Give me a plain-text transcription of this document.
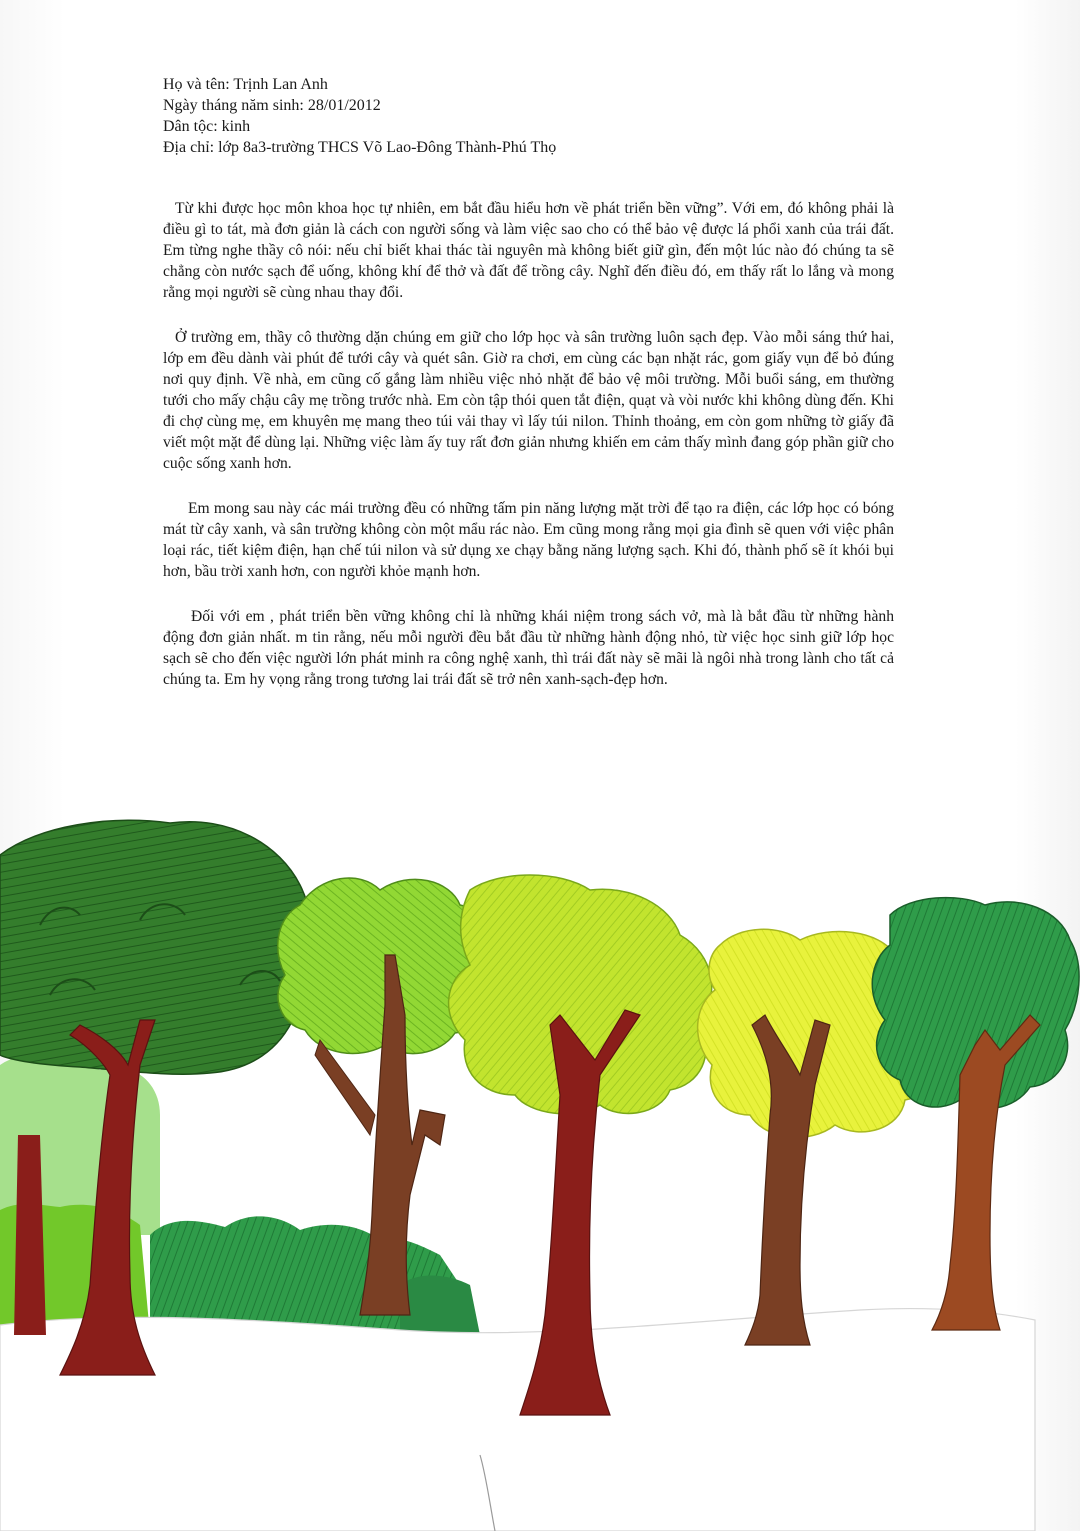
Họ và tên: Trịnh Lan Anh
Ngày tháng năm sinh: 28/01/2012
Dân tộc: kinh
Địa chỉ: lớp 8a3-trường THCS Võ Lao-Đông Thành-Phú Thọ

Từ khi được học môn khoa học tự nhiên, em bắt đầu hiểu hơn về phát triển bền vững”. Với em, đó không phải là điều gì to tát, mà đơn giản là cách con người sống và làm việc sao cho có thể bảo vệ được lá phổi xanh của trái đất. Em từng nghe thầy cô nói: nếu chỉ biết khai thác tài nguyên mà không biết giữ gìn, đến một lúc nào đó chúng ta sẽ chẳng còn nước sạch để uống, không khí để thở và đất để trồng cây. Nghĩ đến điều đó, em thấy rất lo lắng và mong rằng mọi người sẽ cùng nhau thay đổi.

Ở trường em, thầy cô thường dặn chúng em giữ cho lớp học và sân trường luôn sạch đẹp. Vào mỗi sáng thứ hai, lớp em đều dành vài phút để tưới cây và quét sân. Giờ ra chơi, em cùng các bạn nhặt rác, gom giấy vụn để bỏ đúng nơi quy định. Về nhà, em cũng cố gắng làm nhiều việc nhỏ nhặt để bảo vệ môi trường. Mỗi buổi sáng, em thường tưới cho mấy chậu cây mẹ trồng trước nhà. Em còn tập thói quen tắt điện, quạt và vòi nước khi không dùng đến. Khi đi chợ cùng mẹ, em khuyên mẹ mang theo túi vải thay vì lấy túi nilon. Thỉnh thoảng, em còn gom những tờ giấy đã viết một mặt để dùng lại. Những việc làm ấy tuy rất đơn giản nhưng khiến em cảm thấy mình đang góp phần giữ cho cuộc sống xanh hơn.

Em mong sau này các mái trường đều có những tấm pin năng lượng mặt trời để tạo ra điện, các lớp học có bóng mát từ cây xanh, và sân trường không còn một mẩu rác nào. Em cũng mong rằng mọi gia đình sẽ quen với việc phân loại rác, tiết kiệm điện, hạn chế túi nilon và sử dụng xe chạy bằng năng lượng sạch. Khi đó, thành phố sẽ ít khói bụi hơn, bầu trời xanh hơn, con người khỏe mạnh hơn.

Đối với em , phát triển bền vững không chỉ là những khái niệm trong sách vở, mà là bắt đầu từ những hành động đơn giản nhất. m tin rằng, nếu mỗi người đều bắt đầu từ những hành động nhỏ, từ việc học sinh giữ lớp học sạch sẽ cho đến việc người lớn phát minh ra công nghệ xanh, thì trái đất này sẽ mãi là ngôi nhà trong lành cho tất cả chúng ta. Em hy vọng rằng trong tương lai trái đất sẽ trở nên xanh-sạch-đẹp hơn.
